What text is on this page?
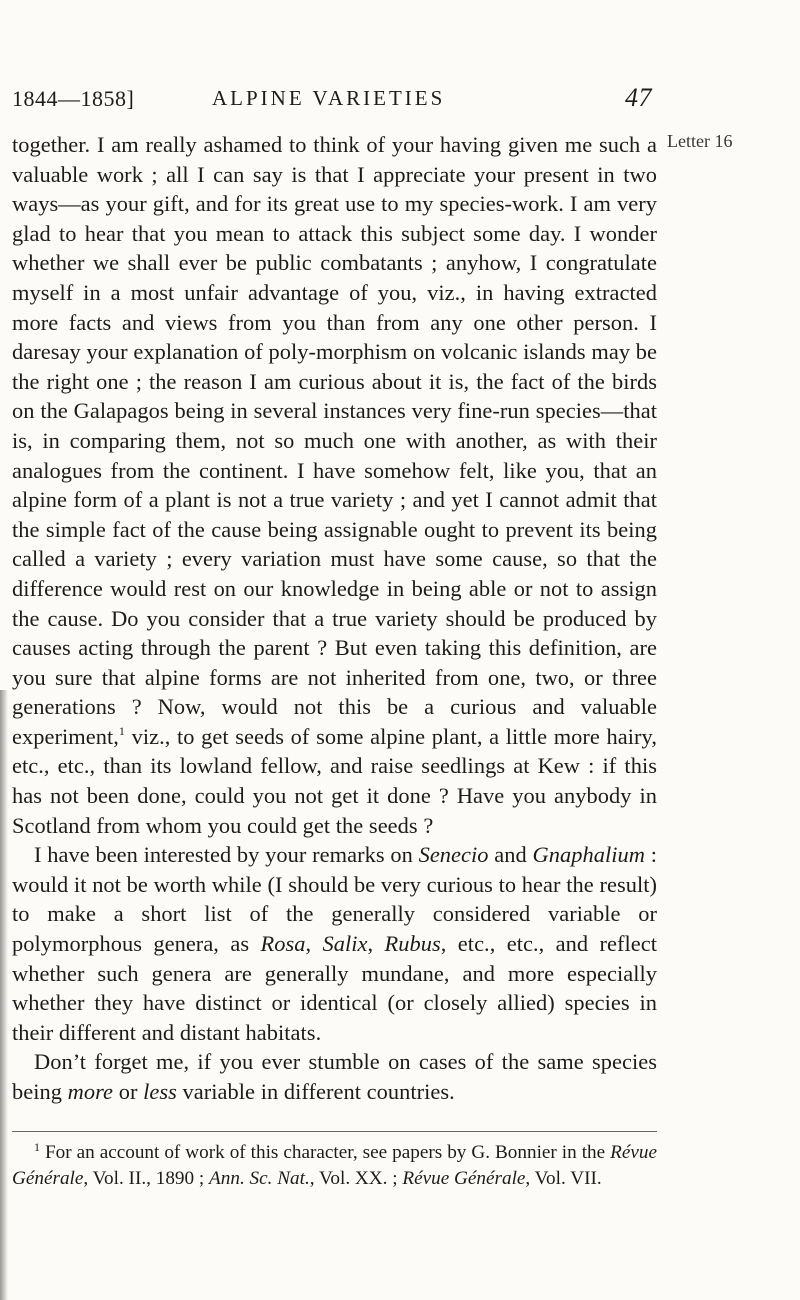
1844—1858]	ALPINE VARIETIES	47
Letter 16

together. I am really ashamed to think of your having given me such a valuable work ; all I can say is that I appreciate your present in two ways—as your gift, and for its great use to my species-work. I am very glad to hear that you mean to attack this subject some day. I wonder whether we shall ever be public combatants ; anyhow, I congratulate myself in a most unfair advantage of you, viz., in having extracted more facts and views from you than from any one other person. I daresay your explanation of poly-morphism on volcanic islands may be the right one ; the reason I am curious about it is, the fact of the birds on the Galapagos being in several instances very fine-run species—that is, in comparing them, not so much one with another, as with their analogues from the continent. I have somehow felt, like you, that an alpine form of a plant is not a true variety ; and yet I cannot admit that the simple fact of the cause being assignable ought to prevent its being called a variety ; every variation must have some cause, so that the difference would rest on our knowledge in being able or not to assign the cause. Do you consider that a true variety should be produced by causes acting through the parent ? But even taking this definition, are you sure that alpine forms are not inherited from one, two, or three generations ? Now, would not this be a curious and valuable experiment,$^1$ viz., to get seeds of some alpine plant, a little more hairy, etc., etc., than its lowland fellow, and raise seedlings at Kew : if this has not been done, could you not get it done ? Have you anybody in Scotland from whom you could get the seeds ?

I have been interested by your remarks on Senecio and Gnaphalium : would it not be worth while (I should be very curious to hear the result) to make a short list of the generally considered variable or polymorphous genera, as Rosa, Salix, Rubus, etc., etc., and reflect whether such genera are generally mundane, and more especially whether they have distinct or identical (or closely allied) species in their different and distant habitats.

Don’t forget me, if you ever stumble on cases of the same species being more or less variable in different countries.

$^1$ For an account of work of this character, see papers by G. Bonnier in the Révue Générale, Vol. II., 1890 ; Ann. Sc. Nat., Vol. XX. ; Révue Générale, Vol. VII.
